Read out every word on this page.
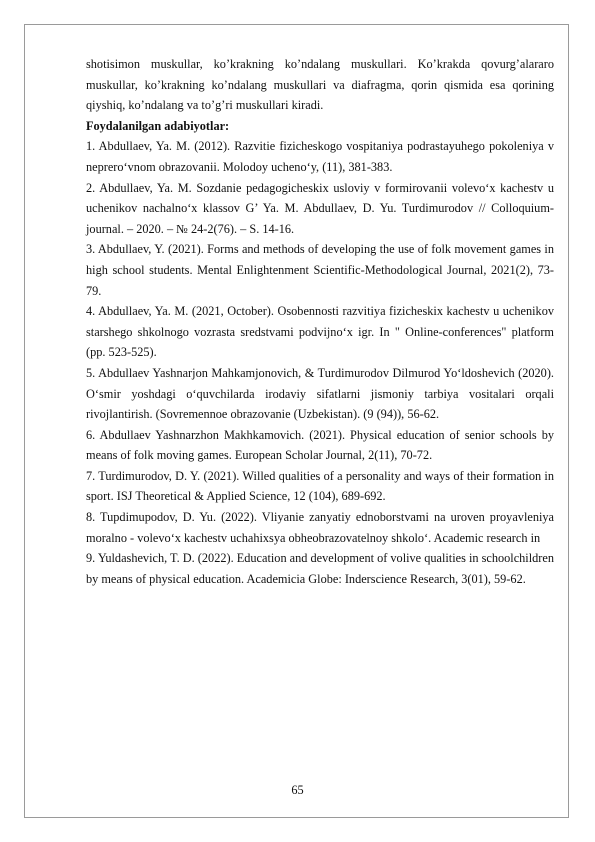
shotisimon muskullar, ko’krakning ko’ndalang muskullari. Ko’krakda qovurg’alararo muskullar, ko’krakning ko’ndalang muskullari va diafragma, qorin qismida esa qorining qiyshiq, ko’ndalang va to’g’ri muskullari kiradi.

Foydalanilgan adabiyotlar:

1. Abdullaev, Ya. M. (2012). Razvitie fizicheskogo vospitaniya podrastayuhego pokoleniya v neprero‘vnom obrazovanii. Molodoy ucheno‘y, (11), 381-383.

2. Abdullaev, Ya. M. Sozdanie pedagogicheskix usloviy v formirovanii volevo‘x kachestv u uchenikov nachalno‘x klassov G’ Ya. M. Abdullaev, D. Yu. Turdimurodov // Colloquium-journal. – 2020. – № 24-2(76). – S. 14-16.

3. Abdullaev, Y. (2021). Forms and methods of developing the use of folk movement games in high school students. Mental Enlightenment Scientific-Methodological Journal, 2021(2), 73-79.

4. Abdullaev, Ya. M. (2021, October). Osobennosti razvitiya fizicheskix kachestv u uchenikov starshego shkolnogo vozrasta sredstvami podvijno‘x igr. In " Online-conferences" platform (pp. 523-525).

5. Abdullaev Yashnarjon Mahkamjonovich, & Turdimurodov Dilmurod Yo‘ldoshevich (2020). O‘smir yoshdagi o‘quvchilarda irodaviy sifatlarni jismoniy tarbiya vositalari orqali rivojlantirish. (Sovremennoe obrazovanie (Uzbekistan). (9 (94)), 56-62.

6. Abdullaev Yashnarzhon Makhkamovich. (2021). Physical education of senior schools by means of folk moving games. European Scholar Journal, 2(11), 70-72.

7. Turdimurodov, D. Y. (2021). Willed qualities of a personality and ways of their formation in sport. ISJ Theoretical & Applied Science, 12 (104), 689-692.

8. Tupdimupodov, D. Yu. (2022). Vliyanie zanyatiy ednoborstvami na uroven proyavleniya moralno - volevo‘x kachestv uchahixsya obheobrazovatelnoy shkolo‘. Academic research in

9. Yuldashevich, T. D. (2022). Education and development of volive qualities in schoolchildren by means of physical education. Academicia Globe: Inderscience Research, 3(01), 59-62.

65
